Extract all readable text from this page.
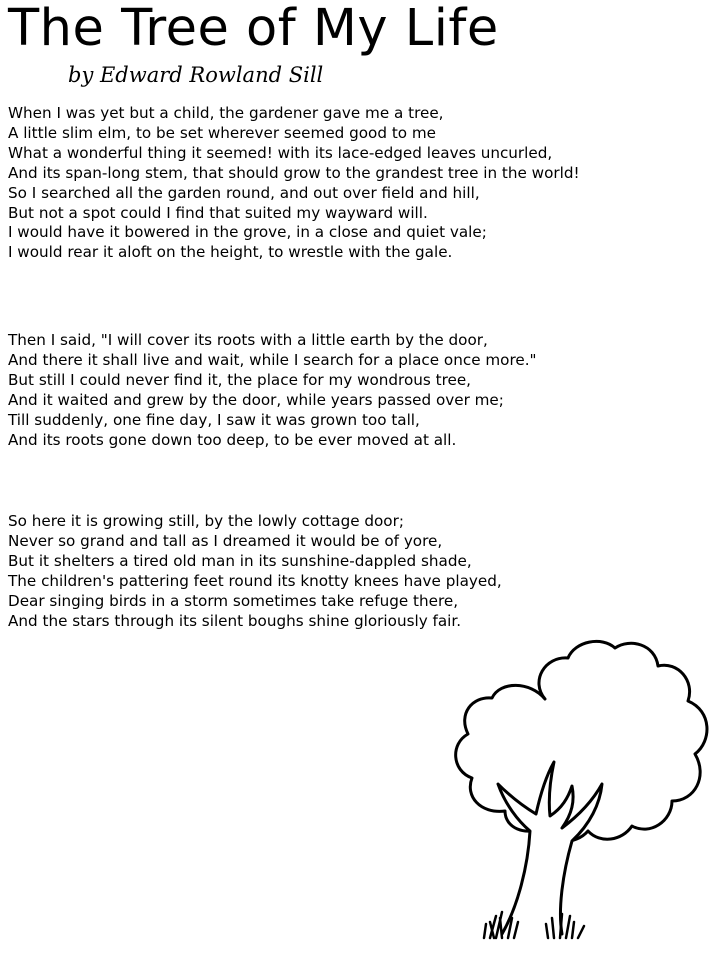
The Tree of My Life
by Edward Rowland Sill
When I was yet but a child, the gardener gave me a tree,
A little slim elm, to be set wherever seemed good to me
What a wonderful thing it seemed! with its lace-edged leaves uncurled,
And its span-long stem, that should grow to the grandest tree in the world!
So I searched all the garden round, and out over field and hill,
But not a spot could I find that suited my wayward will.
I would have it bowered in the grove, in a close and quiet vale;
I would rear it aloft on the height, to wrestle with the gale.
Then I said, "I will cover its roots with a little earth by the door,
And there it shall live and wait, while I search for a place once more."
But still I could never find it, the place for my wondrous tree,
And it waited and grew by the door, while years passed over me;
Till suddenly, one fine day, I saw it was grown too tall,
And its roots gone down too deep, to be ever moved at all.
So here it is growing still, by the lowly cottage door;
Never so grand and tall as I dreamed it would be of yore,
But it shelters a tired old man in its sunshine-dappled shade,
The children's pattering feet round its knotty knees have played,
Dear singing birds in a storm sometimes take refuge there,
And the stars through its silent boughs shine gloriously fair.
